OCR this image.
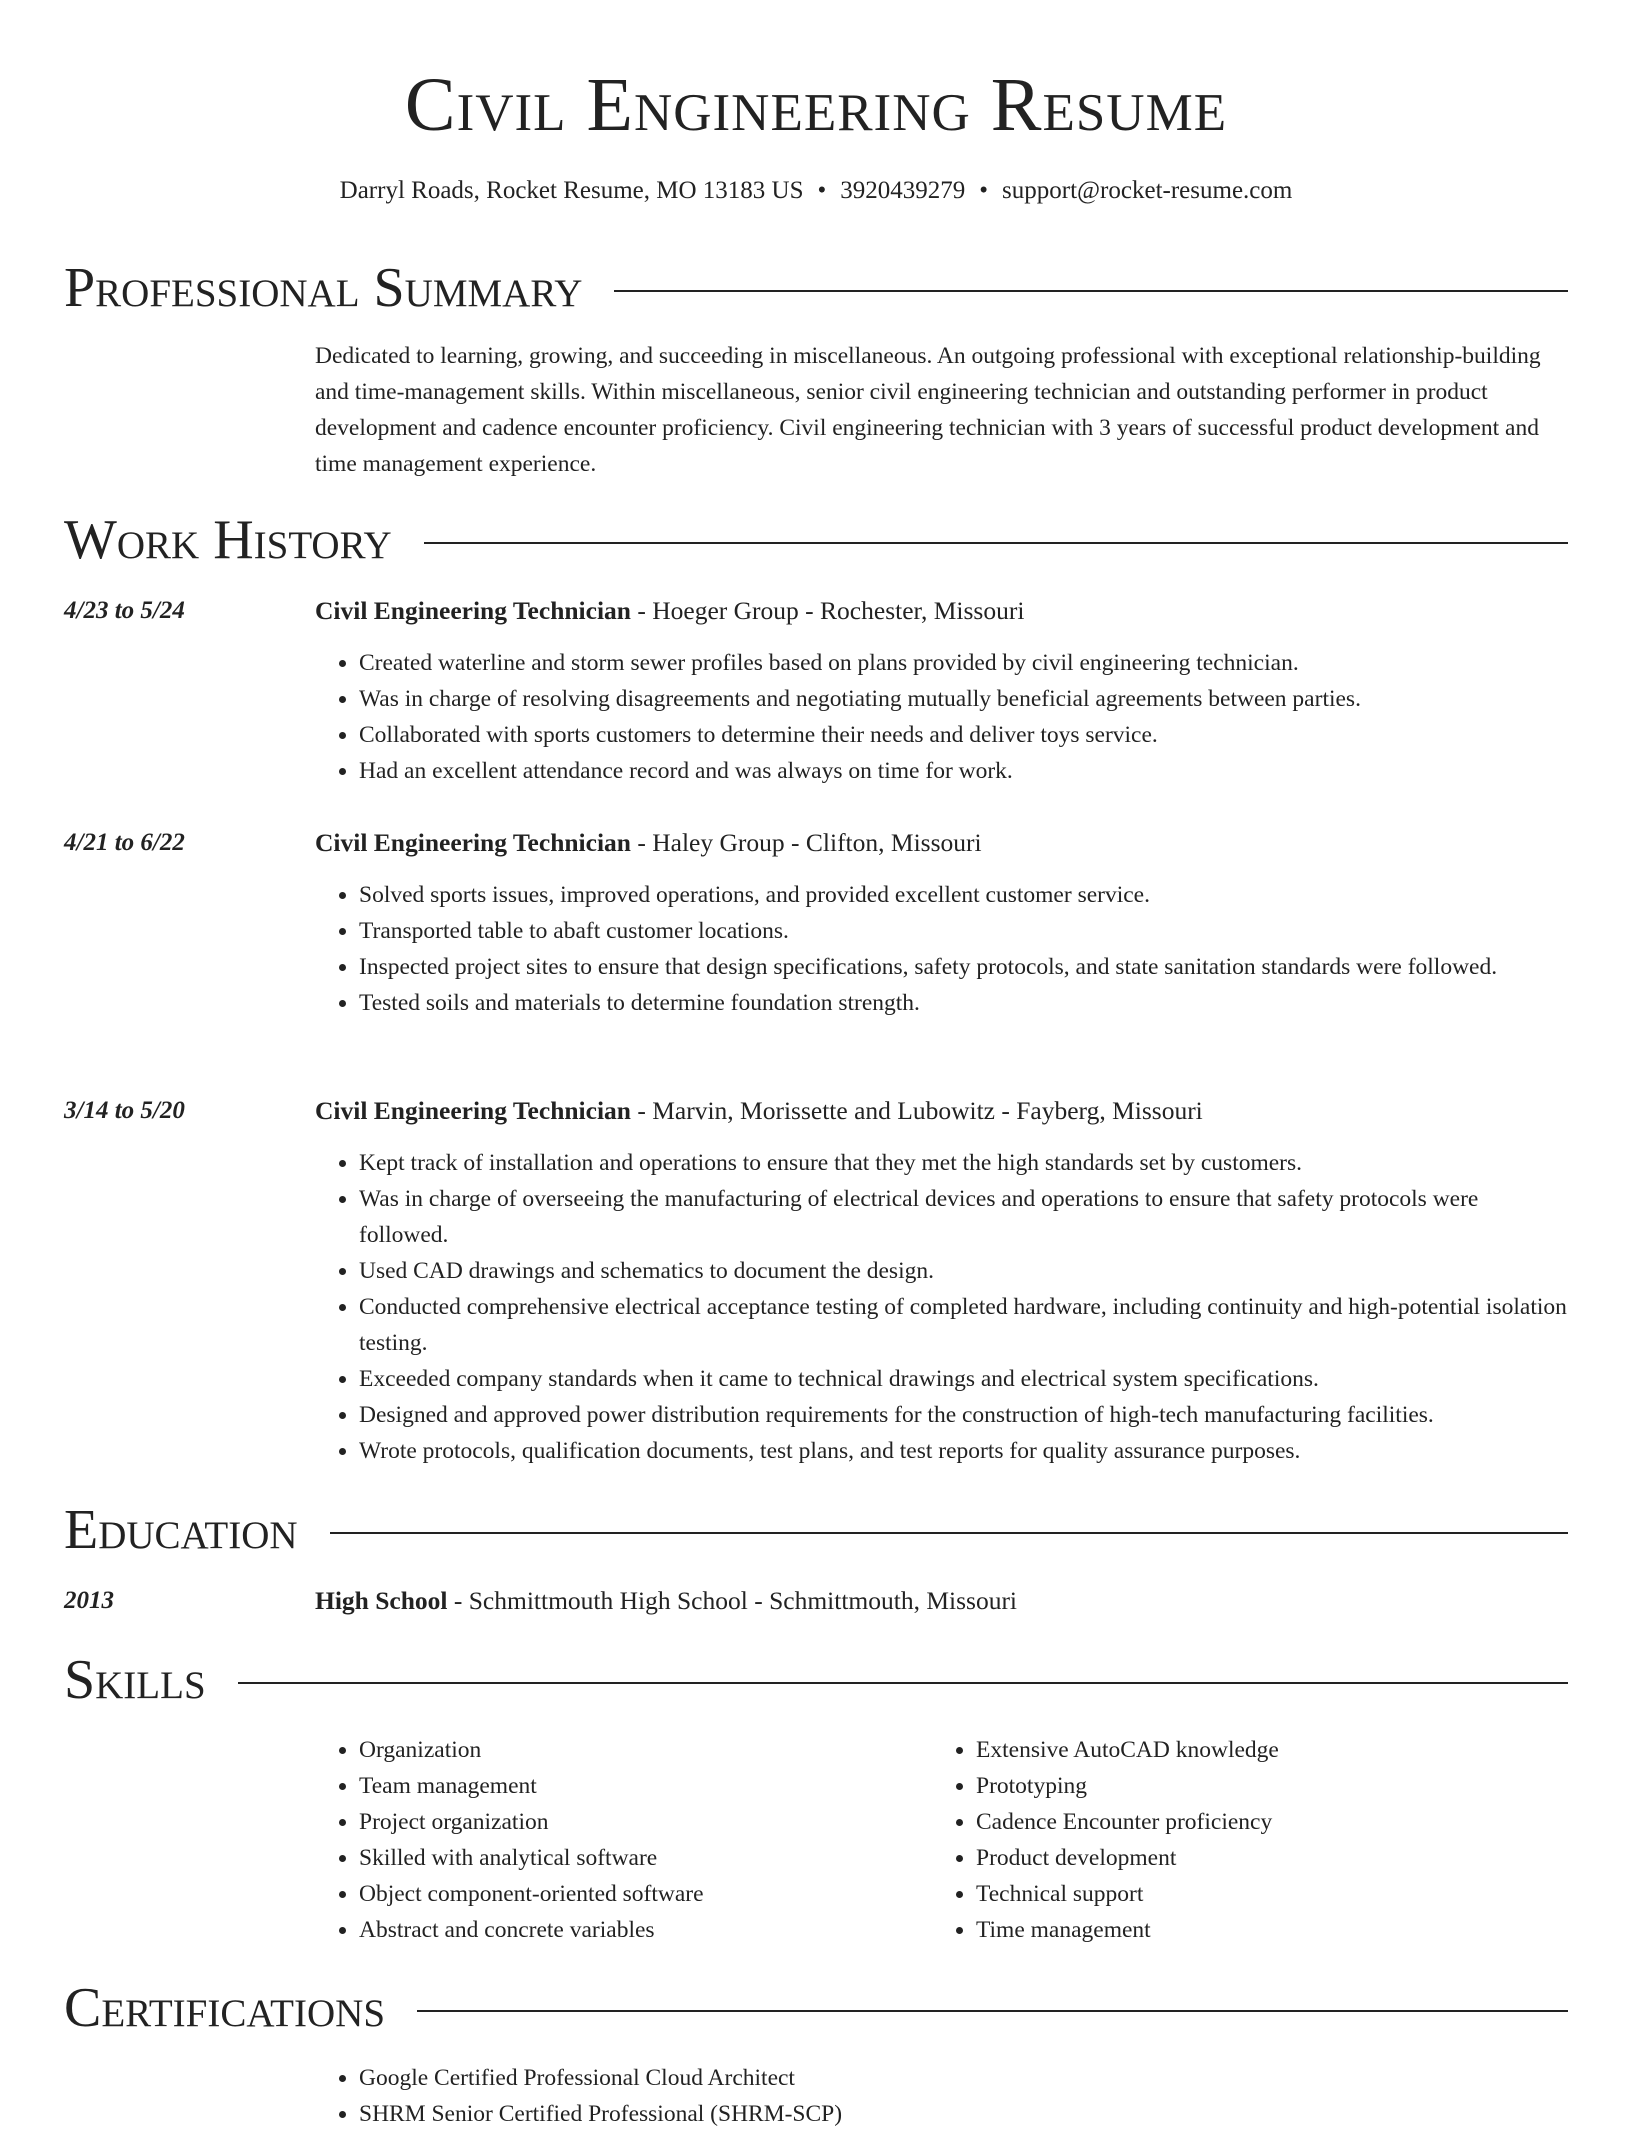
Civil Engineering Resume
Darryl Roads, Rocket Resume, MO 13183 US • 3920439279 • support@rocket-resume.com
Professional Summary

Dedicated to learning, growing, and succeeding in miscellaneous. An outgoing professional with exceptional relationship-building and time-management skills. Within miscellaneous, senior civil engineering technician and outstanding performer in product development and cadence encounter proficiency. Civil engineering technician with 3 years of successful product development and time management experience.

Work History
4/23 to 5/24	Civil Engineering Technician - Hoeger Group - Rochester, Missouri
• Created waterline and storm sewer profiles based on plans provided by civil engineering technician.
• Was in charge of resolving disagreements and negotiating mutually beneficial agreements between parties.
• Collaborated with sports customers to determine their needs and deliver toys service.
• Had an excellent attendance record and was always on time for work.
4/21 to 6/22	Civil Engineering Technician - Haley Group - Clifton, Missouri
• Solved sports issues, improved operations, and provided excellent customer service.
• Transported table to abaft customer locations.
• Inspected project sites to ensure that design specifications, safety protocols, and state sanitation standards were followed.
• Tested soils and materials to determine foundation strength.
3/14 to 5/20	Civil Engineering Technician - Marvin, Morissette and Lubowitz - Fayberg, Missouri
• Kept track of installation and operations to ensure that they met the high standards set by customers.
• Was in charge of overseeing the manufacturing of electrical devices and operations to ensure that safety protocols were followed.
• Used CAD drawings and schematics to document the design.
• Conducted comprehensive electrical acceptance testing of completed hardware, including continuity and high-potential isolation testing.
• Exceeded company standards when it came to technical drawings and electrical system specifications.
• Designed and approved power distribution requirements for the construction of high-tech manufacturing facilities.
• Wrote protocols, qualification documents, test plans, and test reports for quality assurance purposes.
Education
2013	High School - Schmittmouth High School - Schmittmouth, Missouri
Skills
• Organization
• Team management
• Project organization
• Skilled with analytical software
• Object component-oriented software
• Abstract and concrete variables
• Extensive AutoCAD knowledge
• Prototyping
• Cadence Encounter proficiency
• Product development
• Technical support
• Time management
Certifications
• Google Certified Professional Cloud Architect
• SHRM Senior Certified Professional (SHRM-SCP)
